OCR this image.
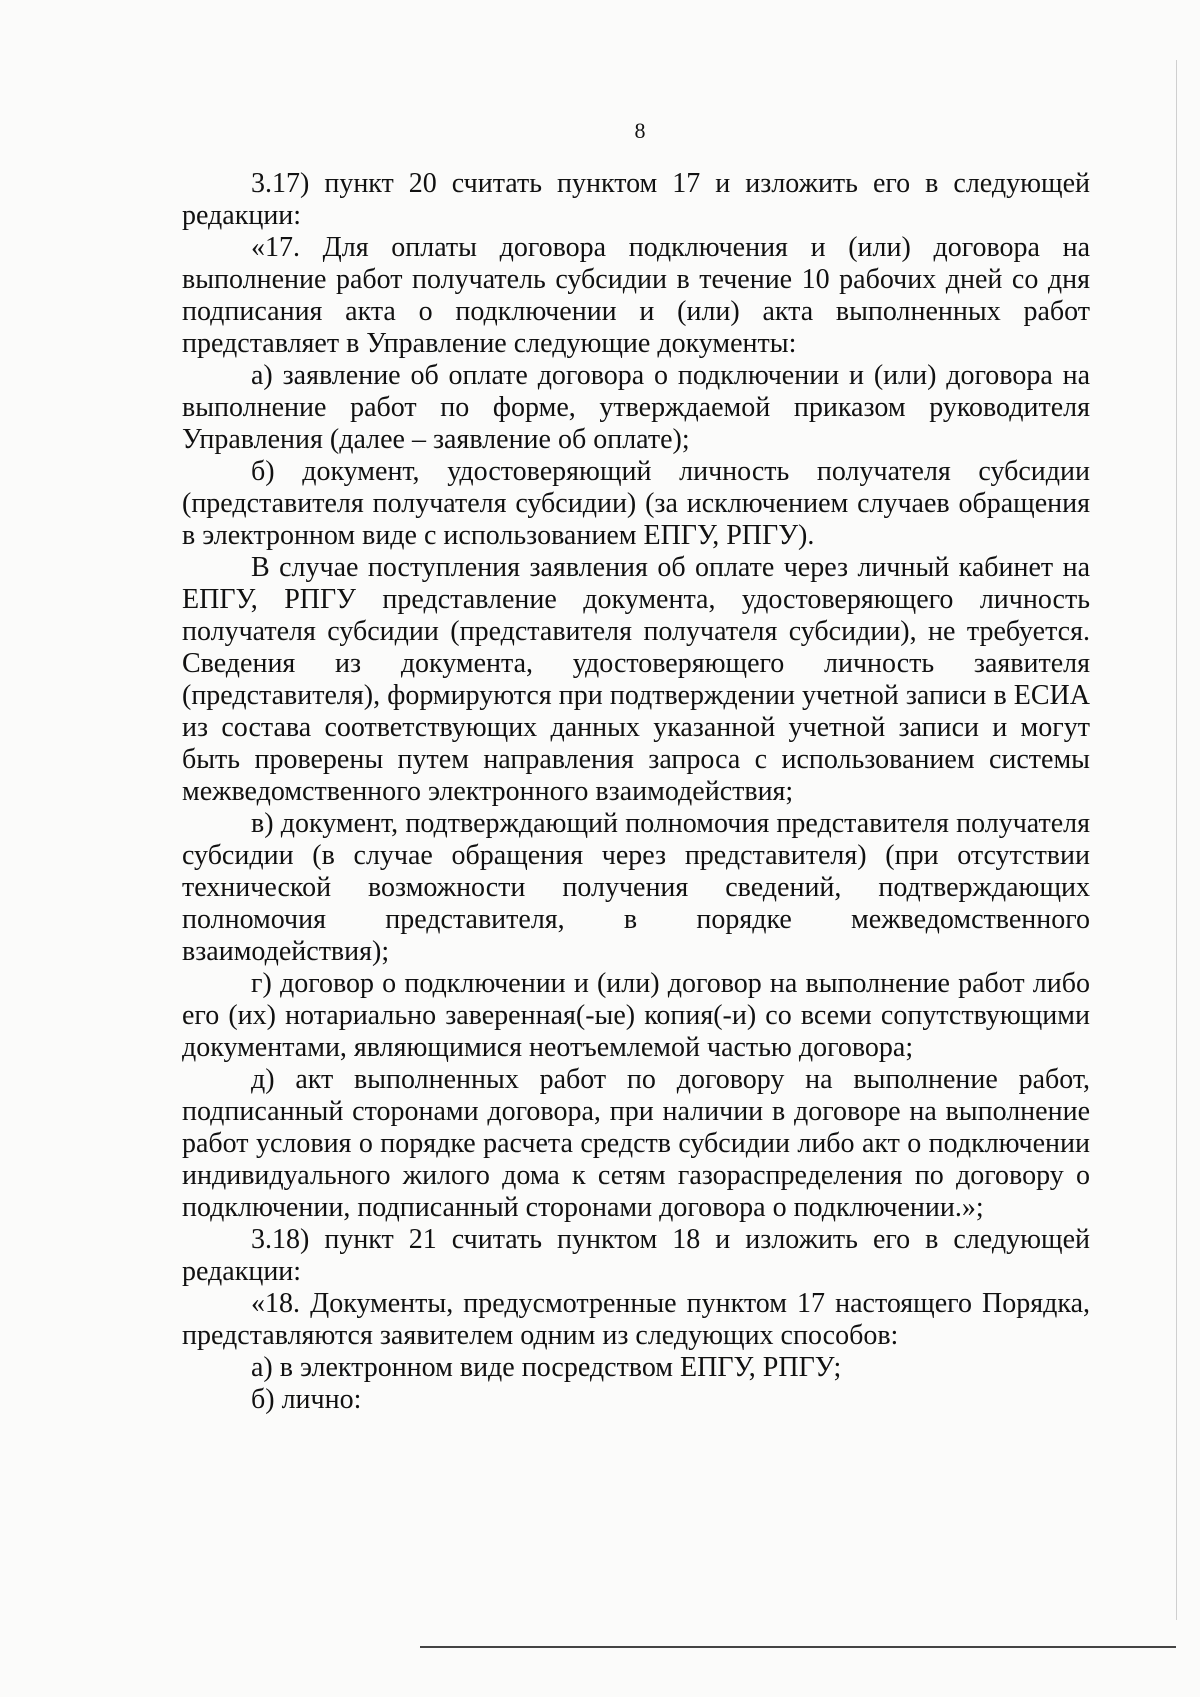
8

3.17) пункт 20 считать пунктом 17 и изложить его в следующей редакции:

«17. Для оплаты договора подключения и (или) договора на выполнение работ получатель субсидии в течение 10 рабочих дней со дня подписания акта о подключении и (или) акта выполненных работ представляет в Управление следующие документы:

а) заявление об оплате договора о подключении и (или) договора на выполнение работ по форме, утверждаемой приказом руководителя Управления (далее – заявление об оплате);

б) документ, удостоверяющий личность получателя субсидии (представителя получателя субсидии) (за исключением случаев обращения в электронном виде с использованием ЕПГУ, РПГУ).

В случае поступления заявления об оплате через личный кабинет на ЕПГУ, РПГУ представление документа, удостоверяющего личность получателя субсидии (представителя получателя субсидии), не требуется. Сведения из документа, удостоверяющего личность заявителя (представителя), формируются при подтверждении учетной записи в ЕСИА из состава соответствующих данных указанной учетной записи и могут быть проверены путем направления запроса с использованием системы межведомственного электронного взаимодействия;

в) документ, подтверждающий полномочия представителя получателя субсидии (в случае обращения через представителя) (при отсутствии технической возможности получения сведений, подтверждающих полномочия представителя, в порядке межведомственного взаимодействия);

г) договор о подключении и (или) договор на выполнение работ либо его (их) нотариально заверенная(-ые) копия(-и) со всеми сопутствующими документами, являющимися неотъемлемой частью договора;

д) акт выполненных работ по договору на выполнение работ, подписанный сторонами договора, при наличии в договоре на выполнение работ условия о порядке расчета средств субсидии либо акт о подключении индивидуального жилого дома к сетям газораспределения по договору о подключении, подписанный сторонами договора о подключении.»;

3.18) пункт 21 считать пунктом 18 и изложить его в следующей редакции:

«18. Документы, предусмотренные пунктом 17 настоящего Порядка, представляются заявителем одним из следующих способов:

а) в электронном виде посредством ЕПГУ, РПГУ;

б) лично:
